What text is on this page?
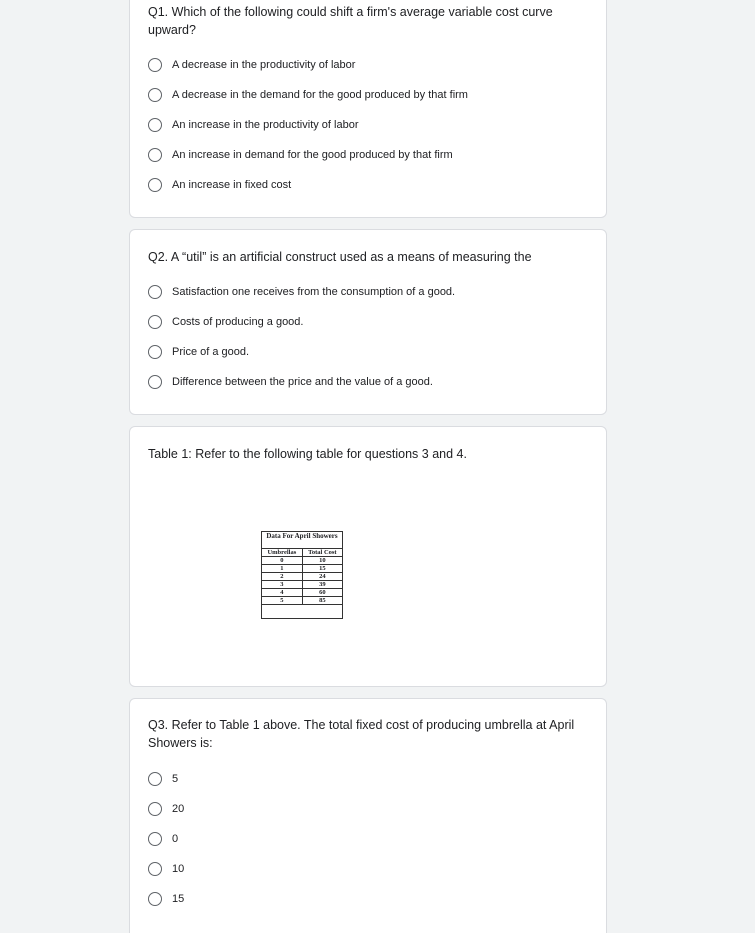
Q1. Which of the following could shift a firm's average variable cost curve
upward?
A decrease in the productivity of labor
A decrease in the demand for the good produced by that firm
An increase in the productivity of labor
An increase in demand for the good produced by that firm
An increase in fixed cost
Q2. A “util” is an artificial construct used as a means of measuring the
Satisfaction one receives from the consumption of a good.
Costs of producing a good.
Price of a good.
Difference between the price and the value of a good.
Table 1: Refer to the following table for questions 3 and 4.
Data For April Showers
Umbrellas	Total Cost
0	10
1	15
2	24
3	39
4	60
5	85
Q3. Refer to Table 1 above. The total fixed cost of producing umbrella at April
Showers is:
5
20
0
10
15
